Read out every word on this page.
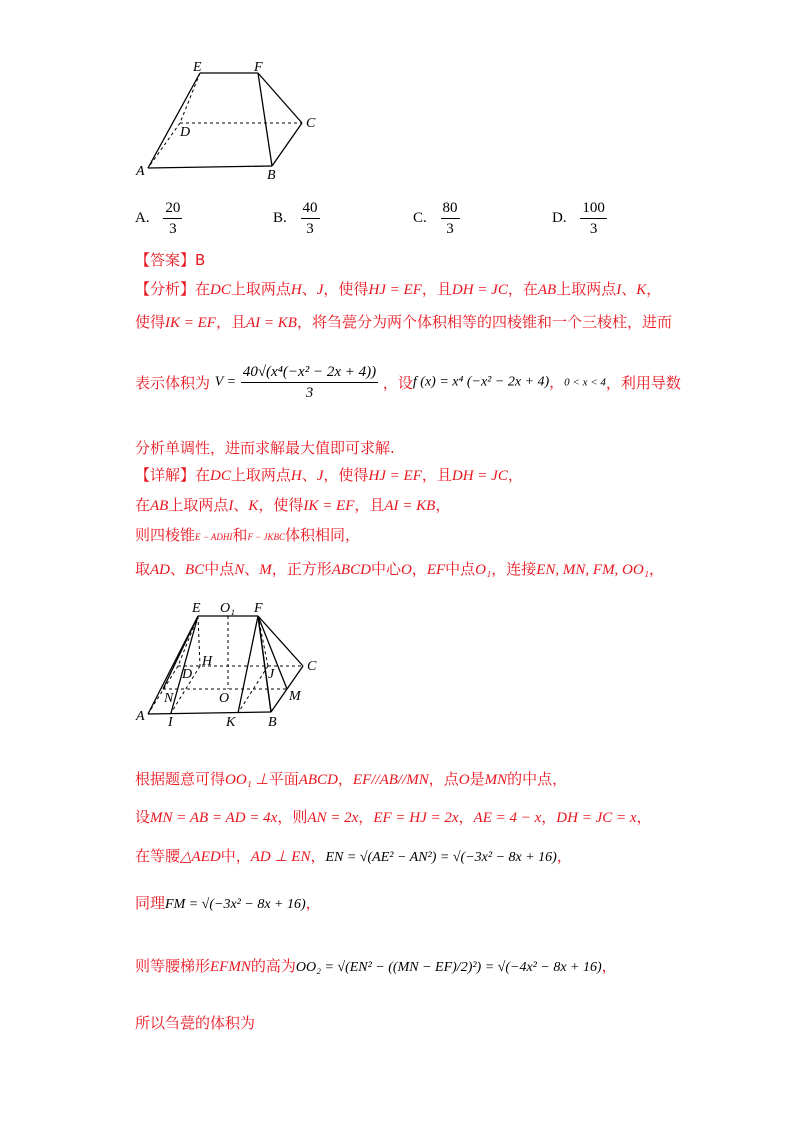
E	F
D
C
A	B
A. $\frac{20}{3}$	B. $\frac{40}{3}$	C. $\frac{80}{3}$	D. $\frac{100}{3}$
【答案】B
【分析】在DC上取两点H、J，使得HJ = EF，且DH = JC，在AB上取两点I、K，
使得IK = EF，且AI = KB，将刍甍分为两个体积相等的四棱锥和一个三棱柱，进而
表示体积为 $V = \frac{\text{40√(x⁴(−x² − 2x + 4))}}{3}$ ，设f (x) = x⁴ (−x² − 2x + 4)，0 < x < 4，利用导数
分析单调性，进而求解最大值即可求解.
【详解】在DC上取两点H、J，使得HJ = EF，且DH = JC，
在AB上取两点I、K，使得IK = EF，且AI = KB，
则四棱锥E − ADHI和F − JKBC体积相同，
取AD、BC中点N、M，正方形ABCD中心O，EF中点O₁，连接EN, MN, FM, OO₁，
E O₁ F
H
D	J
C
N	O	M
A I	K B
根据题意可得OO₁ ⊥平面ABCD，EF//AB//MN，点O是MN的中点，
设MN = AB = AD = 4x，则AN = 2x，EF = HJ = 2x，AE = 4 − x，DH = JC = x，
在等腰△AED中，AD ⊥ EN，EN = √(AE² − AN²) = √(−3x² − 8x + 16)，
同理FM = √(−3x² − 8x + 16)，
则等腰梯形EFMN的高为OO₂ = √(EN² − ((MN − EF)/2)²) = √(−4x² − 8x + 16)，
所以刍甍的体积为
